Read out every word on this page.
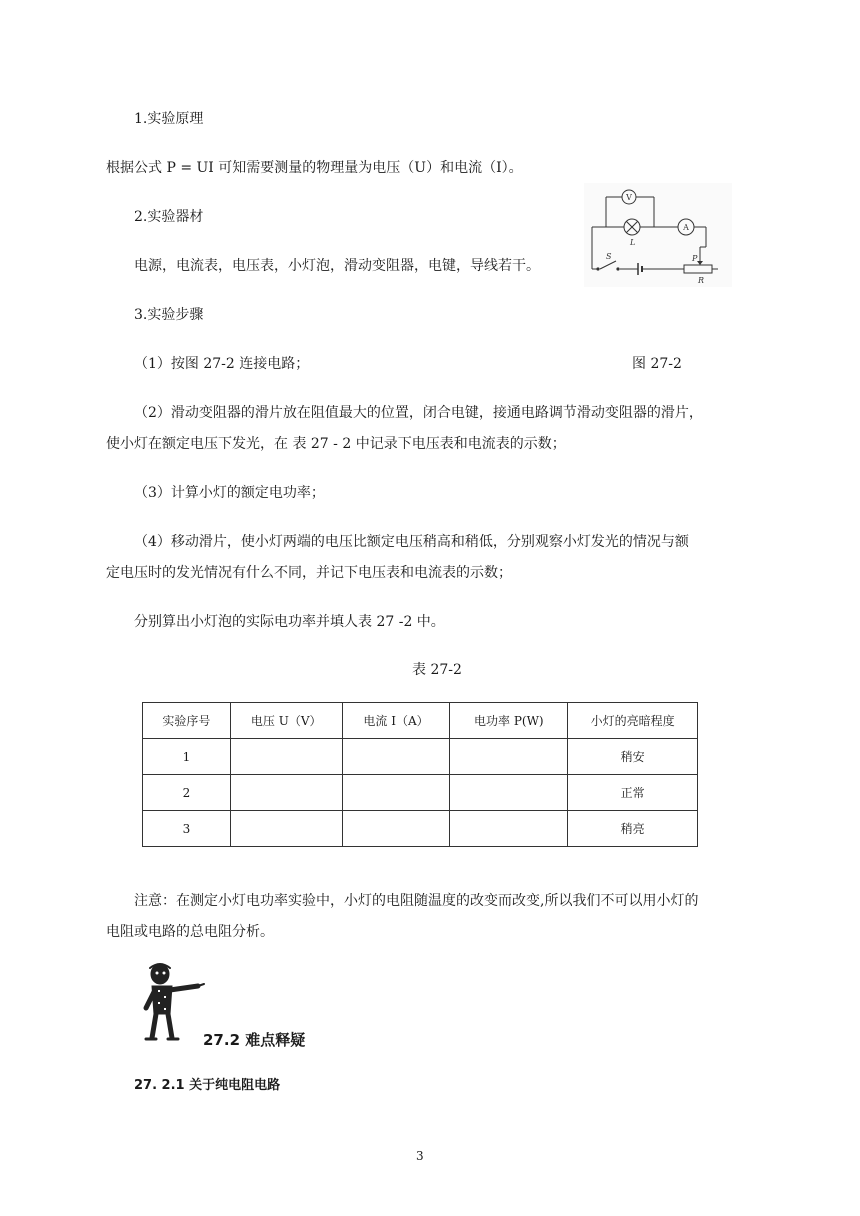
1.实验原理
根据公式 P = UI 可知需要测量的物理量为电压（U）和电流（I）。
2.实验器材
电源，电流表，电压表，小灯泡，滑动变阻器，电键，导线若干。
3.实验步骤
（1）按图 27-2 连接电路；	图 27-2
（2）滑动变阻器的滑片放在阻值最大的位置，闭合电键，接通电路调节滑动变阻器的滑片，
使小灯在额定电压下发光，在 表 27 - 2 中记录下电压表和电流表的示数；
（3）计算小灯的额定电功率；
（4）移动滑片，使小灯两端的电压比额定电压稍高和稍低，分别观察小灯发光的情况与额
定电压时的发光情况有什么不同，并记下电压表和电流表的示数；
分别算出小灯泡的实际电功率并填人表 27 -2 中。
表 27-2
V
A
L
S	P
R
实验序号	电压 U（V）	电流 I（A）	电功率 P(W)	小灯的亮暗程度
1				稍安
2				正常
3				稍亮
注意：在测定小灯电功率实验中，小灯的电阻随温度的改变而改变,所以我们不可以用小灯的
电阻或电路的总电阻分析。
27.2 难点释疑
27. 2.1 关于纯电阻电路
3
